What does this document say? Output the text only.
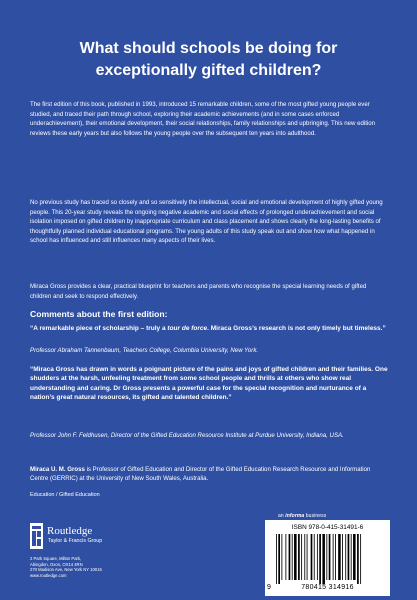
What should schools be doing for exceptionally gifted children?

The first edition of this book, published in 1993, introduced 15 remarkable children, some of the most gifted young people ever studied, and traced their path through school, exploring their academic achievements (and in some cases enforced underachievement), their emotional development, their social relationships, family relationships and upbringing. This new edition reviews these early years but also follows the young people over the subsequent ten years into adulthood.

No previous study has traced so closely and so sensitively the intellectual, social and emotional development of highly gifted young people. This 20-year study reveals the ongoing negative academic and social effects of prolonged underachievement and social isolation imposed on gifted children by inappropriate curriculum and class placement and shows clearly the long-lasting benefits of thoughtfully planned individual educational programs. The young adults of this study speak out and show how what happened in school has influenced and still influences many aspects of their lives.

Miraca Gross provides a clear, practical blueprint for teachers and parents who recognise the special learning needs of gifted children and seek to respond effectively.

Comments about the first edition:

“A remarkable piece of scholarship – truly a tour de force. Miraca Gross’s research is not only timely but timeless.”

Professor Abraham Tannenbaum, Teachers College, Columbia University, New York.

“Miraca Gross has drawn in words a poignant picture of the pains and joys of gifted children and their families. One shudders at the harsh, unfeeling treatment from some school people and thrills at others who show real understanding and caring. Dr Gross presents a powerful case for the special recognition and nurturance of a nation’s great natural resources, its gifted and talented children.”

Professor John F. Feldhusen, Director of the Gifted Education Resource Institute at Purdue University, Indiana, USA.

Miraca U. M. Gross is Professor of Gifted Education and Director of the Gifted Education Research Resource and Information Centre (GERRIC) at the University of New South Wales, Australia.

Education / Gifted Education
Routledge
Taylor & Francis Group
2 Park Square, Milton Park,
Abingdon, Oxon, OX14 4RN
270 Madison Ave, New York NY 10016
www.routledge.com
an informa business
ISBN 978-0-415-31491-6
9	780415 314916
